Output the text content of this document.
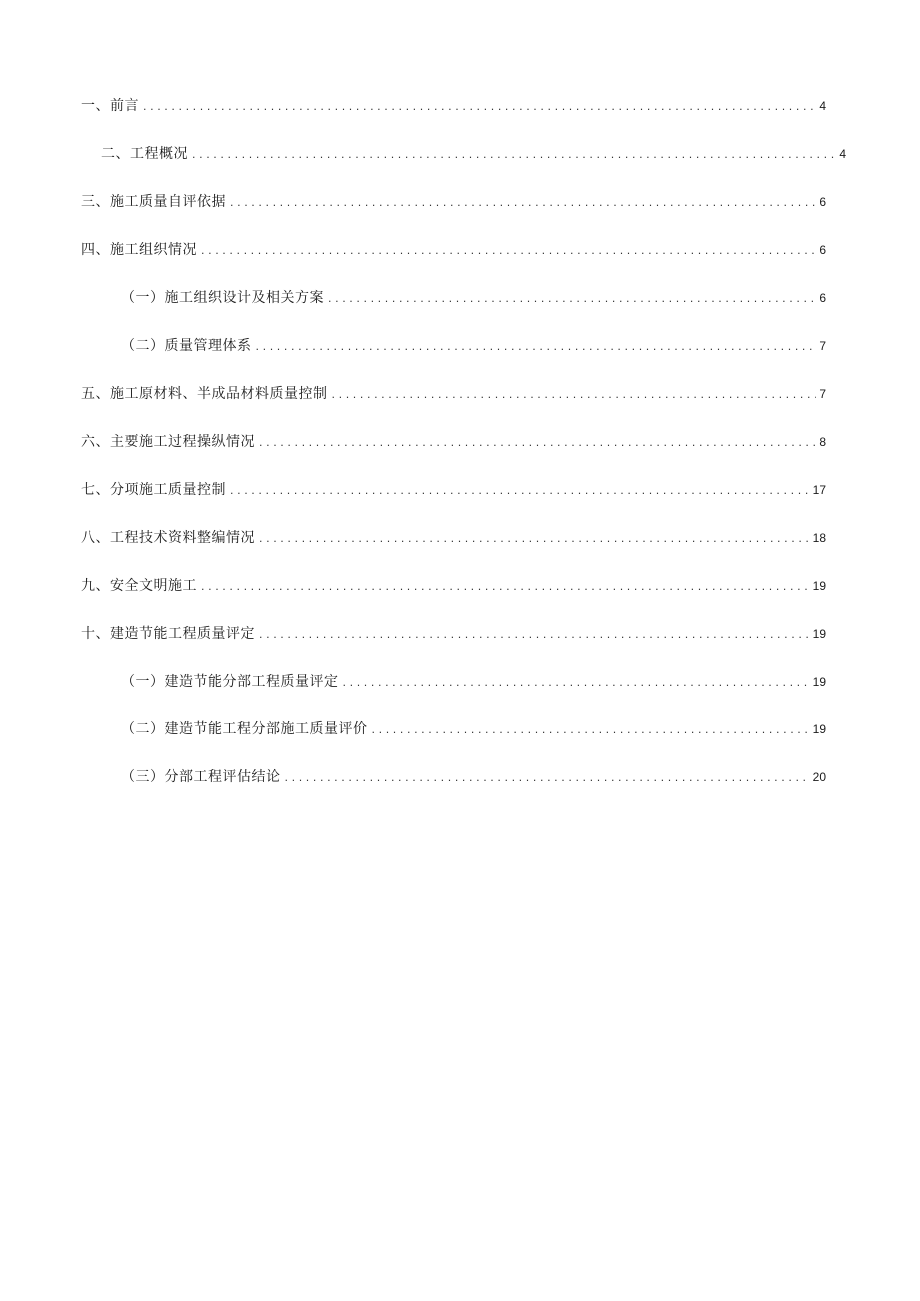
一、前言 .....	4
二、工程概况 .....	4
三、施工质量自评依据 .....	6
四、施工组织情况 .....	6
（一）施工组织设计及相关方案 .....	6
（二）质量管理体系 .....	7
五、施工原材料、半成品材料质量控制 .....	7
六、主要施工过程操纵情况 .....	8
七、分项施工质量控制 .....	17
八、工程技术资料整编情况 .....	18
九、安全文明施工 .....	19
十、建造节能工程质量评定 .....	19
（一）建造节能分部工程质量评定 .....	19
（二）建造节能工程分部施工质量评价 .....	19
（三）分部工程评估结论 .....	20
